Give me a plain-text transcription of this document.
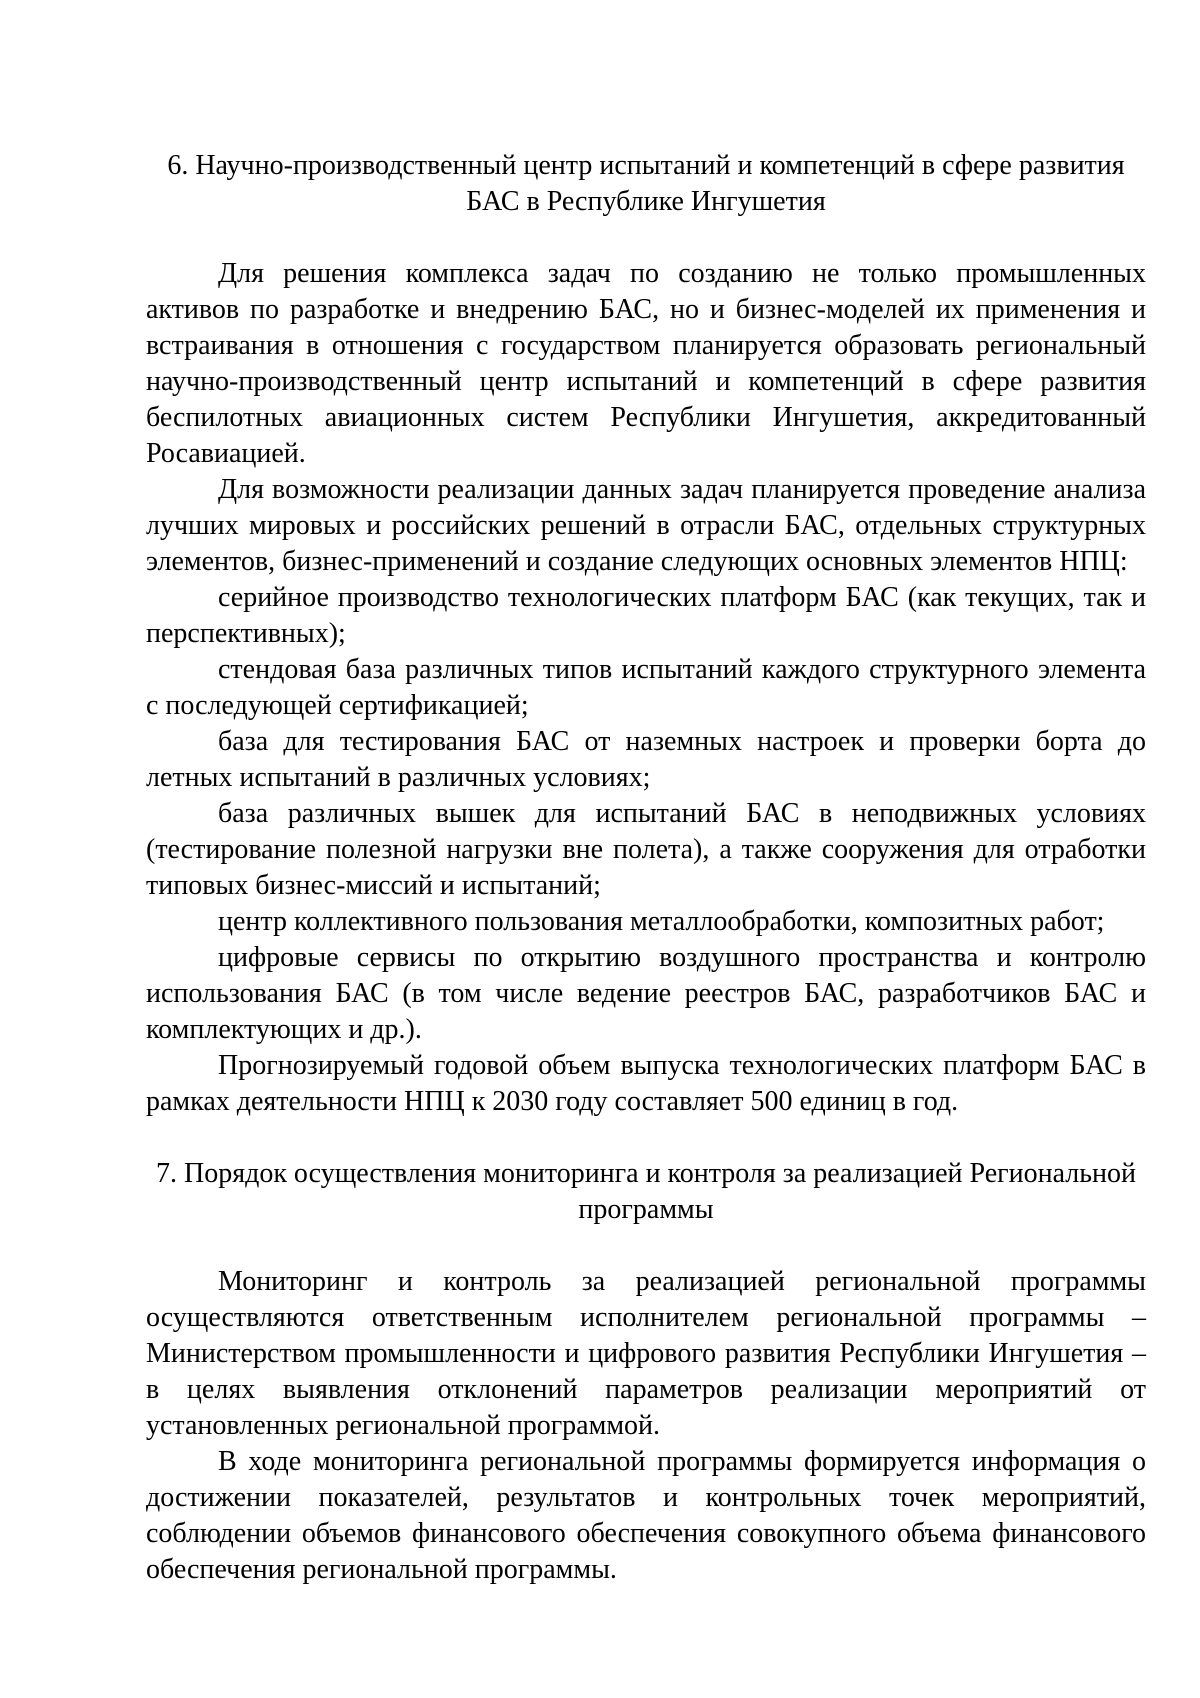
6. Научно-производственный центр испытаний и компетенций в сфере развития БАС в Республике Ингушетия

Для решения комплекса задач по созданию не только промышленных активов по разработке и внедрению БАС, но и бизнес-моделей их применения и встраивания в отношения с государством планируется образовать региональный научно-производственный центр испытаний и компетенций в сфере развития беспилотных авиационных систем Республики Ингушетия, аккредитованный Росавиацией.

Для возможности реализации данных задач планируется проведение анализа лучших мировых и российских решений в отрасли БАС, отдельных структурных элементов, бизнес-применений и создание следующих основных элементов НПЦ:

серийное производство технологических платформ БАС (как текущих, так и перспективных);

стендовая база различных типов испытаний каждого структурного элемента с последующей сертификацией;

база для тестирования БАС от наземных настроек и проверки борта до летных испытаний в различных условиях;

база различных вышек для испытаний БАС в неподвижных условиях (тестирование полезной нагрузки вне полета), а также сооружения для отработки типовых бизнес-миссий и испытаний;

центр коллективного пользования металлообработки, композитных работ;

цифровые сервисы по открытию воздушного пространства и контролю использования БАС (в том числе ведение реестров БАС, разработчиков БАС и комплектующих и др.).

Прогнозируемый годовой объем выпуска технологических платформ БАС в рамках деятельности НПЦ к 2030 году составляет 500 единиц в год.

7. Порядок осуществления мониторинга и контроля за реализацией Региональной программы

Мониторинг и контроль за реализацией региональной программы осуществляются ответственным исполнителем региональной программы – Министерством промышленности и цифрового развития Республики Ингушетия – в целях выявления отклонений параметров реализации мероприятий от установленных региональной программой.

В ходе мониторинга региональной программы формируется информация о достижении показателей, результатов и контрольных точек мероприятий, соблюдении объемов финансового обеспечения совокупного объема финансового обеспечения региональной программы.
